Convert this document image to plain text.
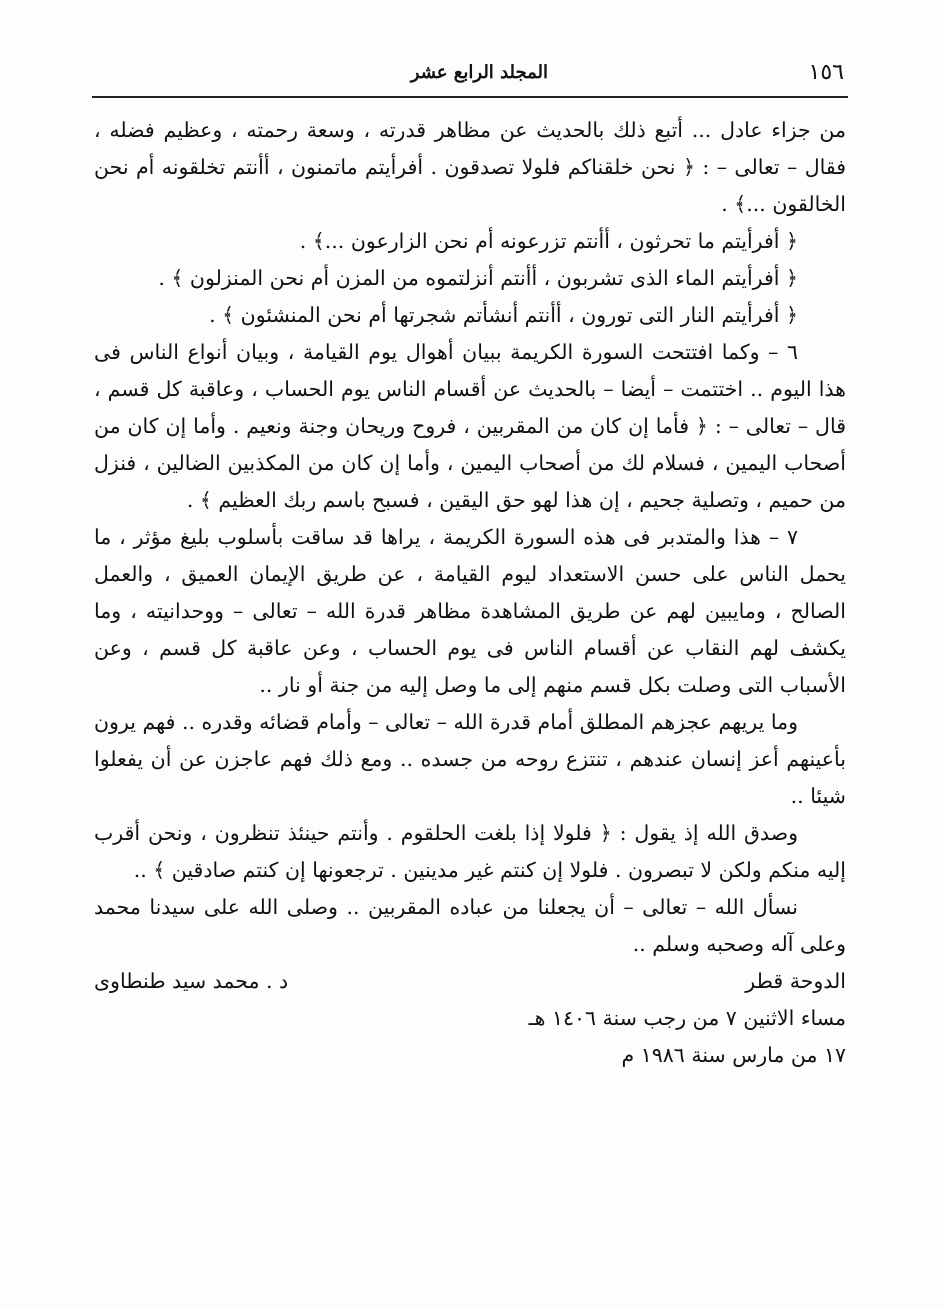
١٥٦
المجلد الرابع عشر

من جزاء عادل ... أتبع ذلك بالحديث عن مظاهر قدرته ، وسعة رحمته ، وعظيم فضله ، فقال – تعالى – : ﴿ نحن خلقناكم فلولا تصدقون . أفرأيتم ماتمنون ، أأنتم تخلقونه أم نحن الخالقون ...﴾ .

﴿ أفرأيتم ما تحرثون ، أأنتم تزرعونه أم نحن الزارعون ...﴾ .

﴿ أفرأيتم الماء الذى تشربون ، أأنتم أنزلتموه من المزن أم نحن المنزلون ﴾ .

﴿ أفرأيتم النار التى تورون ، أأنتم أنشأتم شجرتها أم نحن المنشئون ﴾ .

٦ – وكما افتتحت السورة الكريمة ببيان أهوال يوم القيامة ، وبيان أنواع الناس فى هذا اليوم .. اختتمت – أيضا – بالحديث عن أقسام الناس يوم الحساب ، وعاقبة كل قسم ، قال – تعالى – : ﴿ فأما إن كان من المقربين ، فروح وريحان وجنة ونعيم . وأما إن كان من أصحاب اليمين ، فسلام لك من أصحاب اليمين ، وأما إن كان من المكذبين الضالين ، فنزل من حميم ، وتصلية جحيم ، إن هذا لهو حق اليقين ، فسبح باسم ربك العظيم ﴾ .

٧ – هذا والمتدبر فى هذه السورة الكريمة ، يراها قد ساقت بأسلوب بليغ مؤثر ، ما يحمل الناس على حسن الاستعداد ليوم القيامة ، عن طريق الإيمان العميق ، والعمل الصالح ، ومايبين لهم عن طريق المشاهدة مظاهر قدرة الله – تعالى – ووحدانيته ، وما يكشف لهم النقاب عن أقسام الناس فى يوم الحساب ، وعن عاقبة كل قسم ، وعن الأسباب التى وصلت بكل قسم منهم إلى ما وصل إليه من جنة أو نار ..

وما يريهم عجزهم المطلق أمام قدرة الله – تعالى – وأمام قضائه وقدره .. فهم يرون بأعينهم أعز إنسان عندهم ، تنتزع روحه من جسده .. ومع ذلك فهم عاجزن عن أن يفعلوا شيئا ..

وصدق الله إذ يقول : ﴿ فلولا إذا بلغت الحلقوم . وأنتم حينئذ تنظرون ، ونحن أقرب إليه منكم ولكن لا تبصرون . فلولا إن كنتم غير مدينين . ترجعونها إن كنتم صادقين ﴾ ..

نسأل الله – تعالى – أن يجعلنا من عباده المقربين .. وصلى الله على سيدنا محمد وعلى آله وصحبه وسلم ..

الدوحة قطر
د . محمد سيد طنطاوى

مساء الاثنين ٧ من رجب سنة ١٤٠٦ هـ

١٧ من مارس سنة ١٩٨٦ م
